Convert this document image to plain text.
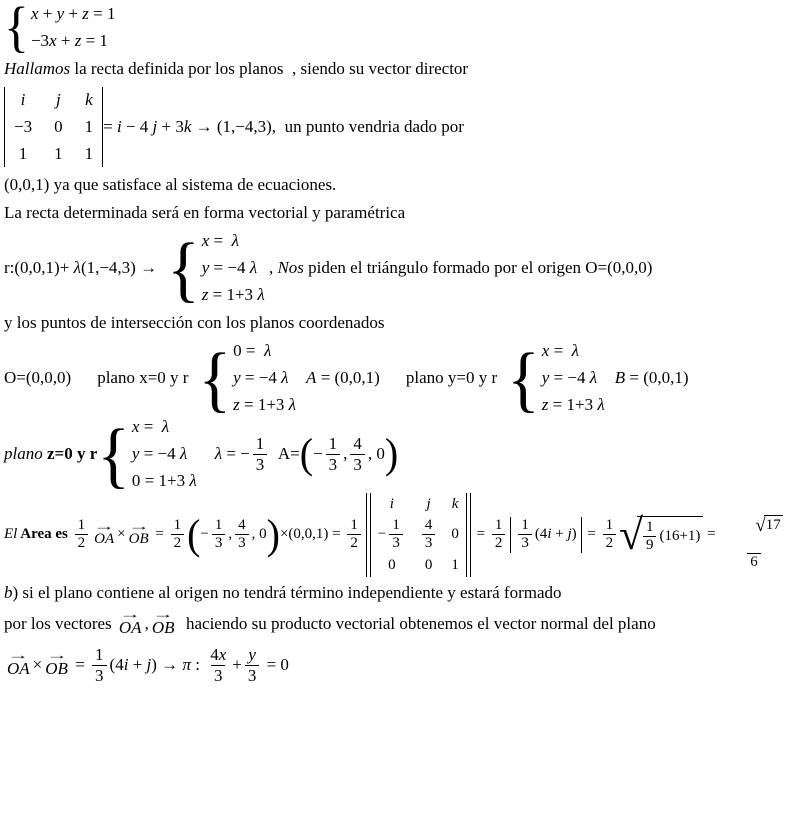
{ x + y + z = 1
−3x + z = 1
Hallamos la recta definida por los planos  , siendo su vector director
i j k
−3 0 1
1 1 1
= i − 4 j + 3k → (1,−4,3), un punto vendria dado por
(0,0,1) ya que satisface al sistema de ecuaciones.
La recta determinada será en forma vectorial y paramétrica
r: (0,0,1)+ λ(1,−4,3) → { x =  λ
y = −4 λ
z = 1+3 λ
, Nos piden el triángulo formado por el origen O=(0,0,0)
y los puntos de intersección con los planos coordenados
O=(0,0,0) plano x=0 y r { 0 =  λ
y = −4 λ
z = 1+3 λ
A = (0,0,1) plano y=0 y r { x =  λ
y = −4 λ
z = 1+3 λ
B = (0,0,1)
plano z=0 y r { x =  λ
y = −4 λ
0 = 1+3 λ
λ = − $\frac{1}{3} A=$ ( − $\frac{1}{3}$ , $\frac{4}{3}$ , 0 )
El Area es $\frac{1}{2}$ →
OA ×
→
OB = $\frac{1}{2}$ ( − $\frac{1}{3}$ , $\frac{4}{3}$ , 0 ) $\times(0,0,1) = \frac{1}{2}$
i j k
− $\frac{1}{3} \frac{4}{3} 0$
0 0 1
= $\frac{1}{2} \frac{1}{3} (4i + j) = \frac{1}{2}$ √ $\frac{1}{9} (16+1)$ =

$\frac{√ 17}{6}$
b ) si el plano contiene al origen no tendrá término independiente y estará formado
por los vectores
→
OA ,
→
OB haciendo su producto vectorial obtenemos el vector normal del plano
→
OA ×
→
OB = $\frac{1}{3} (4i + j) \to \pi$ : $\frac{4x}{3} + \frac{y}{3} = 0$
